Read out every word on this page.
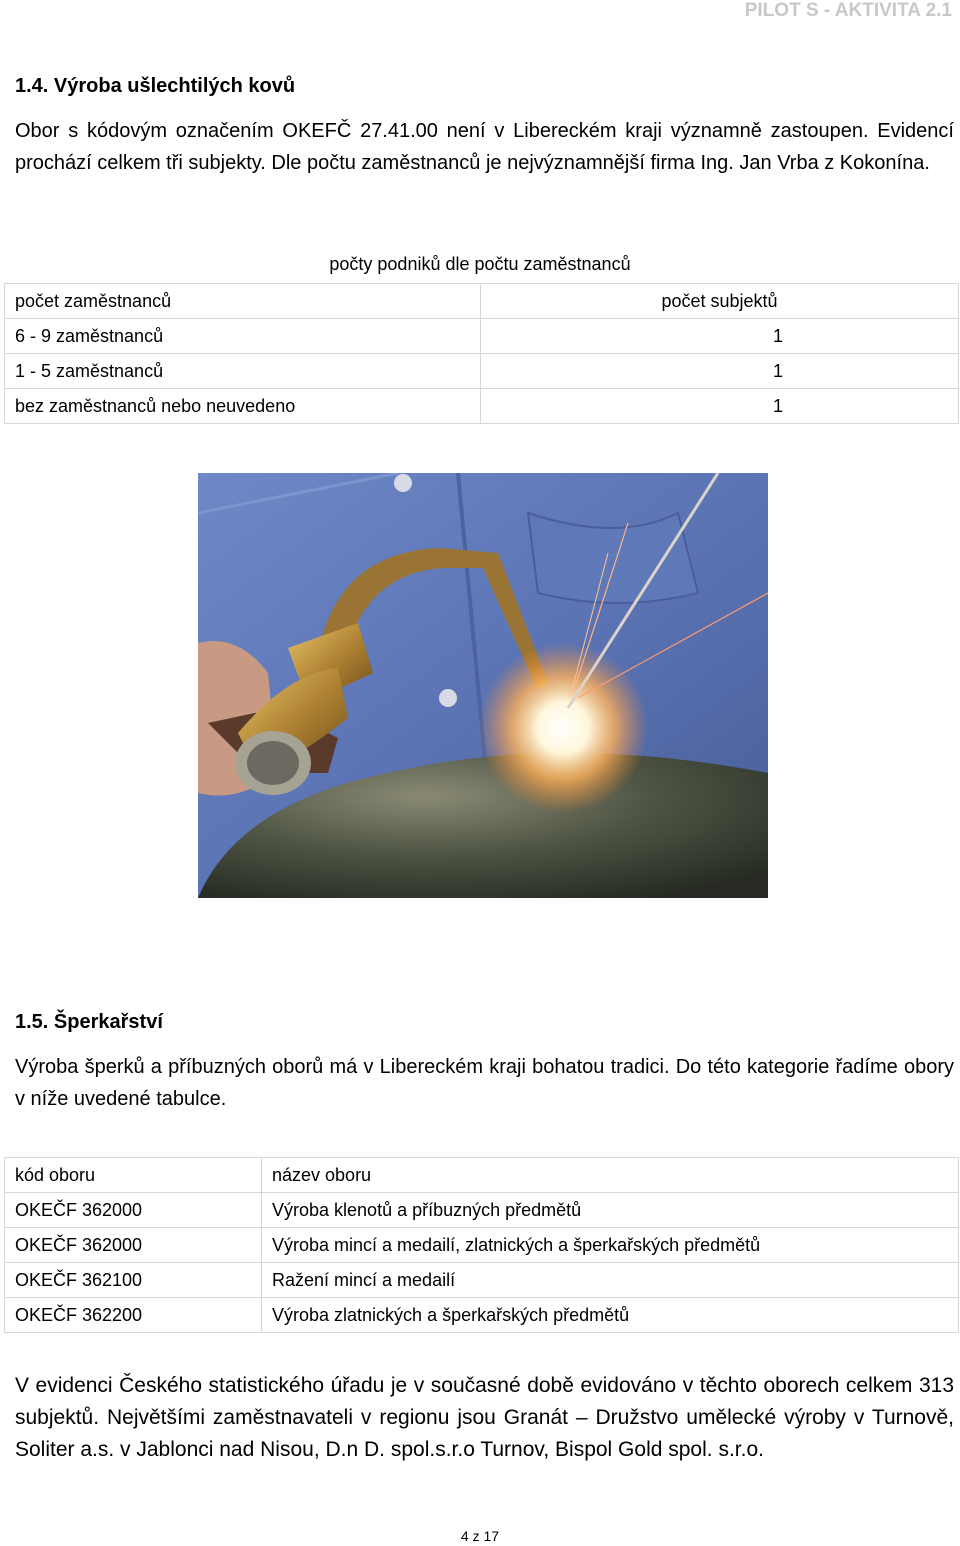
PILOT S - AKTIVITA 2.1
1.4. Výroba ušlechtilých kovů

Obor s kódovým označením OKEFČ 27.41.00 není v Libereckém kraji významně zastoupen. Evidencí prochází celkem tři subjekty. Dle počtu zaměstnanců je nejvýznamnější firma Ing. Jan Vrba z Kokonína.

počty podniků dle počtu zaměstnanců
počet zaměstnanců	počet subjektů
6 - 9 zaměstnanců	1
1 - 5 zaměstnanců	1
bez zaměstnanců nebo neuvedeno	1
1.5. Šperkařství

Výroba šperků a příbuzných oborů má v Libereckém kraji bohatou tradici. Do této kategorie řadíme obory v níže uvedené tabulce.

kód oboru	název oboru
OKEČF 362000	Výroba klenotů a příbuzných předmětů
OKEČF 362000	Výroba mincí a medailí, zlatnických a šperkařských předmětů
OKEČF 362100	Ražení mincí a medailí
OKEČF 362200	Výroba zlatnických a šperkařských předmětů

V evidenci Českého statistického úřadu je v současné době evidováno v těchto oborech celkem 313 subjektů. Největšími zaměstnavateli v regionu jsou Granát – Družstvo umělecké výroby v Turnově, Soliter a.s. v Jablonci nad Nisou, D.n D. spol.s.r.o Turnov, Bispol Gold spol. s.r.o.

4 z 17
